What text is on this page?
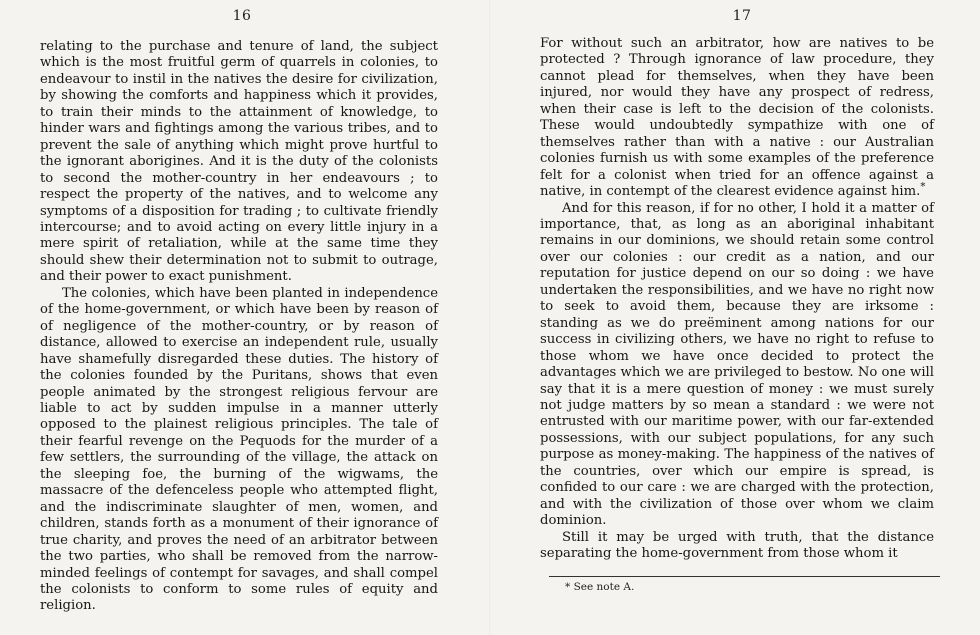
16

relating to the purchase and tenure of land, the subject which is the most fruitful germ of quarrels in colonies, to endeavour to instil in the natives the desire for civilization, by showing the comforts and happiness which it provides, to train their minds to the attainment of knowledge, to hinder wars and fightings among the various tribes, and to prevent the sale of anything which might prove hurtful to the ignorant aborigines. And it is the duty of the colonists to second the mother-country in her endeavours ; to respect the property of the natives, and to welcome any symptoms of a disposition for trading ; to cultivate friendly intercourse; and to avoid acting on every little injury in a mere spirit of retaliation, while at the same time they should shew their determination not to submit to outrage, and their power to exact punishment.

The colonies, which have been planted in independence of the home-government, or which have been by reason of of negligence of the mother-country, or by reason of distance, allowed to exercise an independent rule, usually have shamefully disregarded these duties. The history of the colonies founded by the Puritans, shows that even people animated by the strongest religious fervour are liable to act by sudden impulse in a manner utterly opposed to the plainest religious principles. The tale of their fearful revenge on the Pequods for the murder of a few settlers, the surrounding of the village, the attack on the sleeping foe, the burning of the wigwams, the massacre of the defenceless people who attempted flight, and the indiscriminate slaughter of men, women, and children, stands forth as a monument of their ignorance of true charity, and proves the need of an arbitrator between the two parties, who shall be removed from the narrow-minded feelings of contempt for savages, and shall compel the colonists to conform to some rules of equity and religion.

17

For without such an arbitrator, how are natives to be protected ? Through ignorance of law procedure, they cannot plead for themselves, when they have been injured, nor would they have any prospect of redress, when their case is left to the decision of the colonists. These would undoubtedly sympathize with one of themselves rather than with a native : our Australian colonies furnish us with some examples of the preference felt for a colonist when tried for an offence against a native, in contempt of the clearest evidence against him.*

And for this reason, if for no other, I hold it a matter of importance, that, as long as an aboriginal inhabitant remains in our dominions, we should retain some control over our colonies : our credit as a nation, and our reputation for justice depend on our so doing : we have undertaken the responsibilities, and we have no right now to seek to avoid them, because they are irksome : standing as we do preëminent among nations for our success in civilizing others, we have no right to refuse to those whom we have once decided to protect the advantages which we are privileged to bestow. No one will say that it is a mere question of money : we must surely not judge matters by so mean a standard : we were not entrusted with our maritime power, with our far-extended possessions, with our subject populations, for any such purpose as money-making. The happiness of the natives of the countries, over which our empire is spread, is confided to our care : we are charged with the protection, and with the civilization of those over whom we claim dominion.

Still it may be urged with truth, that the distance separating the home-government from those whom it

* See note A.
